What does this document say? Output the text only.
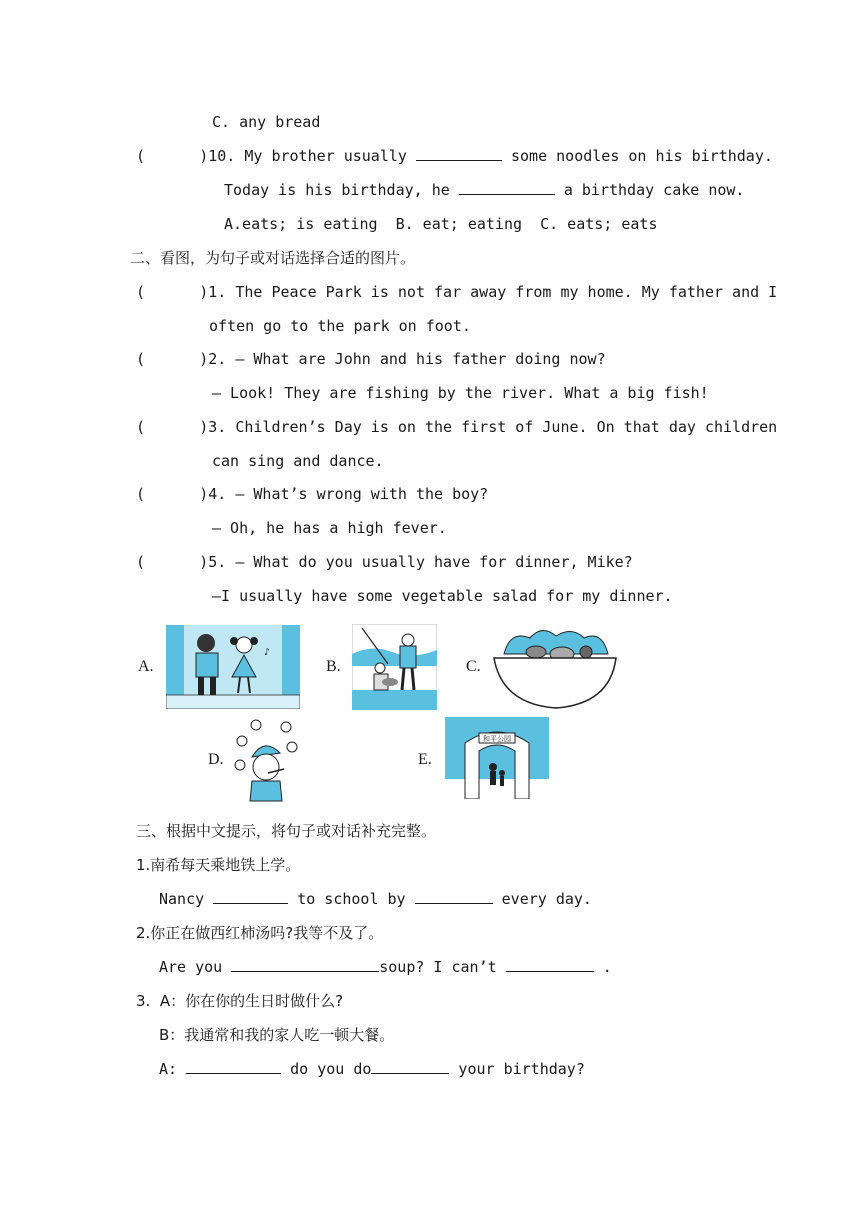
C. any bread
(      )10. My brother usually	some noodles on his birthday.
Today is his birthday, he	a birthday cake now.
A.eats; is eating  B. eat; eating  C. eats; eats
二、看图，为句子或对话选择合适的图片。
(      )1. The Peace Park is not far away from my home. My father and I
often go to the park on foot.
(      )2. — What are John and his father doing now?
— Look! They are fishing by the river. What a big fish!
(      )3. Children’s Day is on the first of June. On that day children
can sing and dance.
(      )4. — What’s wrong with the boy?
— Oh, he has a high fever.
(      )5. — What do you usually have for dinner, Mike?
—I usually have some vegetable salad for my dinner.
A.
♪
B.	C.
D.	E.
和平公园
三、根据中文提示，将句子或对话补充完整。
1.南希每天乘地铁上学。
Nancy	to school by	every day.
2.你正在做西红柿汤吗?我等不及了。
Are you	soup? I can’t	.
3.  A：你在你的生日时做什么?
B：我通常和我的家人吃一顿大餐。
A:	do you do	your birthday?
